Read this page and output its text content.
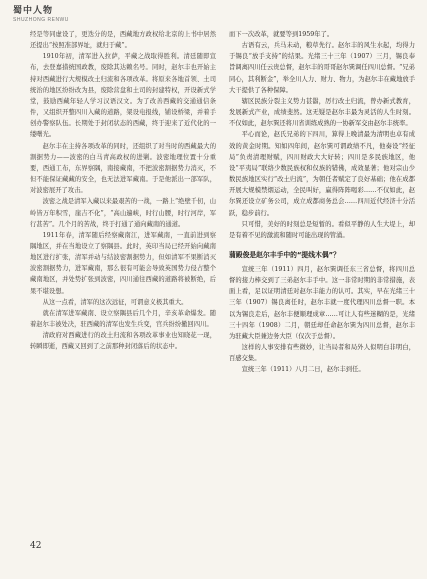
蜀中人物
SHUZHONG RENWU

经是等同虚设了，更迭分的是，西藏地方政权给北京的上书中居然还提出“按照准部界址，就归于藏”。

1910年初，清军进入拉萨，平藏之战取得胜利。清廷随即宣布，去登嘉措统国政教，废除其达赖名号。同时，赵尔丰也开始主持对西藏进行大规模改土归流和各项改革。将原来各地首领、土司统治的地区纷纷改为县，废除营盘和土司的封建特权，开设新式学堂，鼓励西藏年轻人学习汉语汉文。为了改善西藏的交通通信条件，又组织开整四川入藏的道路，架设电报线，铺设桥梁，并着手创办警察队伍。长期处于封闭状态的西藏，终于迎来了近代化的一缕曙光。

赵尔丰在主持各项改革的同时，还组织了对当时的西藏最大的割据势力——波密的白马青高政权的进剿。波密地理位置十分重要，西通工布，东界察隅，南接藏南，不把波密割据势力消灭，不但不能保证藏藏的安全，也无法进军藏南。于是他派出一部军队，对波密展开了攻击。

波密之战是清军入藏以来最艰苦的一战，一路上“绝壁千仞，山岭皆万年积雪，崖吉不化”，“高山遍峡，时行山腰，时行河岸，军行甚苦”。几个月的苦战，终于打通了通向藏南的通道。

1911年春，清军随后经察藏南江，进军藏南，一直前进到察隅地区，并在当地设立了察隅县。此时，英印当局已经开始向藏南地区进行扩张，清军并动与结波密割据势力，但如清军不果断消灭波密割据势力，进军藏南，那么很有可能会导致英国势力侵占整个藏南地区，并处势扩张到波密，四川通往西藏的道路将被断绝，后果不堪设想。

从这一点看，清军的这次远征，可谓意义极其重大。

就在清军进军藏南、设立察隅县后几个月，辛亥革命爆发。随着赵尔丰被处决，驻西藏的清军也发生兵变，官兵纷纷撤回四川。

清政府对西藏进行的改土归流和各项改革事业也知晓花一现，转瞬即逝，西藏又回到了之前那种封闭落后的状态中。

而下一次改革，就要等到1959年了。

古语有云，兵马未动，粮草先行。赵尔丰的风生水起，均得力于锡良“放手支持”的结果。光绪三十三年（1907）三月，锡良奉旨调离四川任云贵总督，赵尔丰的哥哥赵尔巽调任四川总督。“兄弟同心，其利断金”，举全川人力、财力、物力，为赵尔丰在藏地放手大干提供了各种保障。

辖区民族分裂主义势力甚嚣，厉行改土归流，曾办新式教育，发展新式产业，成绩斐然。这无疑是赵尔丰最为灵活的人生时刻。不仅如此，赵尔巽还将川省训练成熟的一协新军交由赵尔丰统率。

平心而论，赵氏兄弟的下四川，算得上晚清最为清明也卓有成效的黄金时期。知如四年间，赵尔巽可谓政绩不凡，他奏设“经征局”负责清理财赋，四川财政大大好转；四川是多民族地区，他设“平夷局”联络少数民族权和仅族的错佛，成效显著；他对宗山少数民族地区实行“改土归流”，为朝任者赋定了良好基础；他在成都开展大规模禁烟运动，全民叫好，赢得阵阵喝彩……不仅如此，赵尔巽还设立矿务公司，成立成都商务总会……四川近代经济十分活跃，稳步前行。

只可惜，美好的时刻总是短暂的。看似平静的人生大堤上，却是有着不见的激流和随时可能出现的管涌。

蒲殿俊是赵尔丰手中的“提线木偶”？

宣统三年（1911）四月，赵尔巽调任东三省总督，将四川总督的接力棒交到了三弟赵尔丰手中。这一非常时期的非常措施，表面上看，足以证明清廷对赵尔丰能力的认可。其实，早在光绪三十三年（1907）锡良离任时，赵尔丰就一度代理四川总督一职。本以为锡良走后，赵尔丰便顺理成章……可让人有些迷糊的是，光绪三十四年（1908）二月，朝廷却任命赵尔巽为四川总督，赵尔丰为驻藏大臣兼边务大臣（仅次于总督）。

这样的人事安排有些微妙，让当局者和局外人似明白非明白，百感交集。

宣统三年（1911）八月二日，赵尔丰到任。

42
